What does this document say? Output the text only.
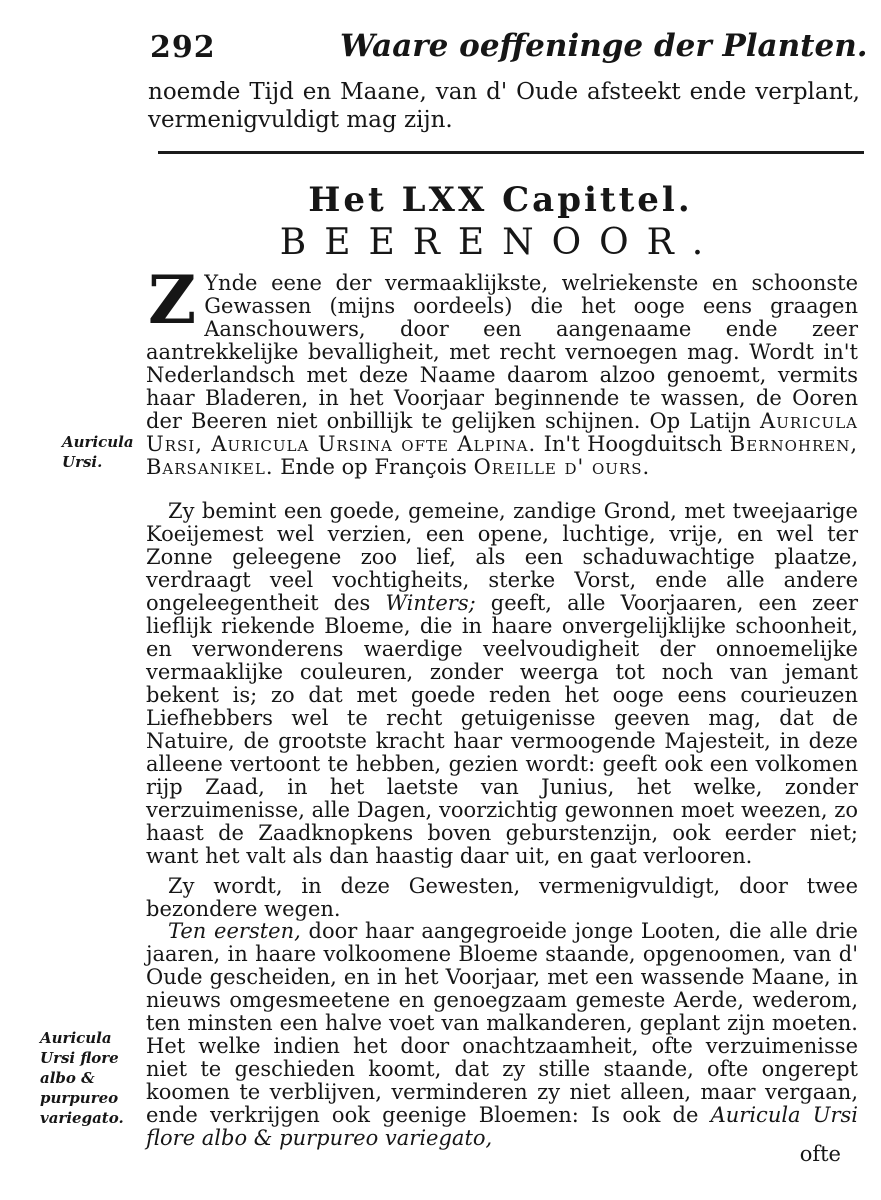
292	Waare oeffeninge der Planten.
noemde Tijd en Maane, van d' Oude afsteekt ende verplant, vermenigvuldigt mag zijn.
Het LXX Capittel.
BEERENOOR.
Z Ynde eene der vermaaklijkste, welriekenste en schoonste Gewassen (mijns oordeels) die het ooge eens graagen Aanschouwers, door een aangenaame ende zeer aantrekkelijke bevalligheit, met recht vernoegen mag. Wordt in't Nederlandsch met deze Naame daarom alzoo genoemt, vermits haar Bladeren, in het Voorjaar beginnende te wassen, de Ooren der Beeren niet onbillijk te gelijken schijnen. Op Latijn Auricula Ursi, Auricula Ursina ofte Alpina. In't Hoogduitsch Bernohren, Barsanikel. Ende op François Oreille d' ours.
Zy bemint een goede, gemeine, zandige Grond, met tweejaarige Koeijemest wel verzien, een opene, luchtige, vrije, en wel ter Zonne geleegene zoo lief, als een schaduwachtige plaatze, verdraagt veel vochtigheits, sterke Vorst, ende alle andere ongeleegentheit des Winters; geeft, alle Voorjaaren, een zeer lieflijk riekende Bloeme, die in haare onvergelijklijke schoonheit, en verwonderens waerdige veelvoudigheit der onnoemelijke vermaaklijke couleuren, zonder weerga tot noch van jemant bekent is; zo dat met goede reden het ooge eens courieuzen Liefhebbers wel te recht getuigenisse geeven mag, dat de Natuire, de grootste kracht haar vermoogende Majesteit, in deze alleene vertoont te hebben, gezien wordt: geeft ook een volkomen rijp Zaad, in het laetste van Junius, het welke, zonder verzuimenisse, alle Dagen, voorzichtig gewonnen moet weezen, zo haast de Zaadknopkens boven geburstenzijn, ook eerder niet; want het valt als dan haastig daar uit, en gaat verlooren.
Zy wordt, in deze Gewesten, vermenigvuldigt, door twee bezondere wegen.
Ten eersten, door haar aangegroeide jonge Looten, die alle drie jaaren, in haare volkoomene Bloeme staande, opgenoomen, van d' Oude gescheiden, en in het Voorjaar, met een wassende Maane, in nieuws omgesmeetene en genoegzaam gemeste Aerde, wederom, ten minsten een halve voet van malkanderen, geplant zijn moeten. Het welke indien het door onachtzaamheit, ofte verzuimenisse niet te geschieden koomt, dat zy stille staande, ofte ongerept koomen te verblijven, verminderen zy niet alleen, maar vergaan, ende verkrijgen ook geenige Bloemen: Is ook de Auricula Ursi flore albo & purpureo variegato,
Auricula Ursi.
Auricula Ursi flore albo & purpureo variegato.
ofte
